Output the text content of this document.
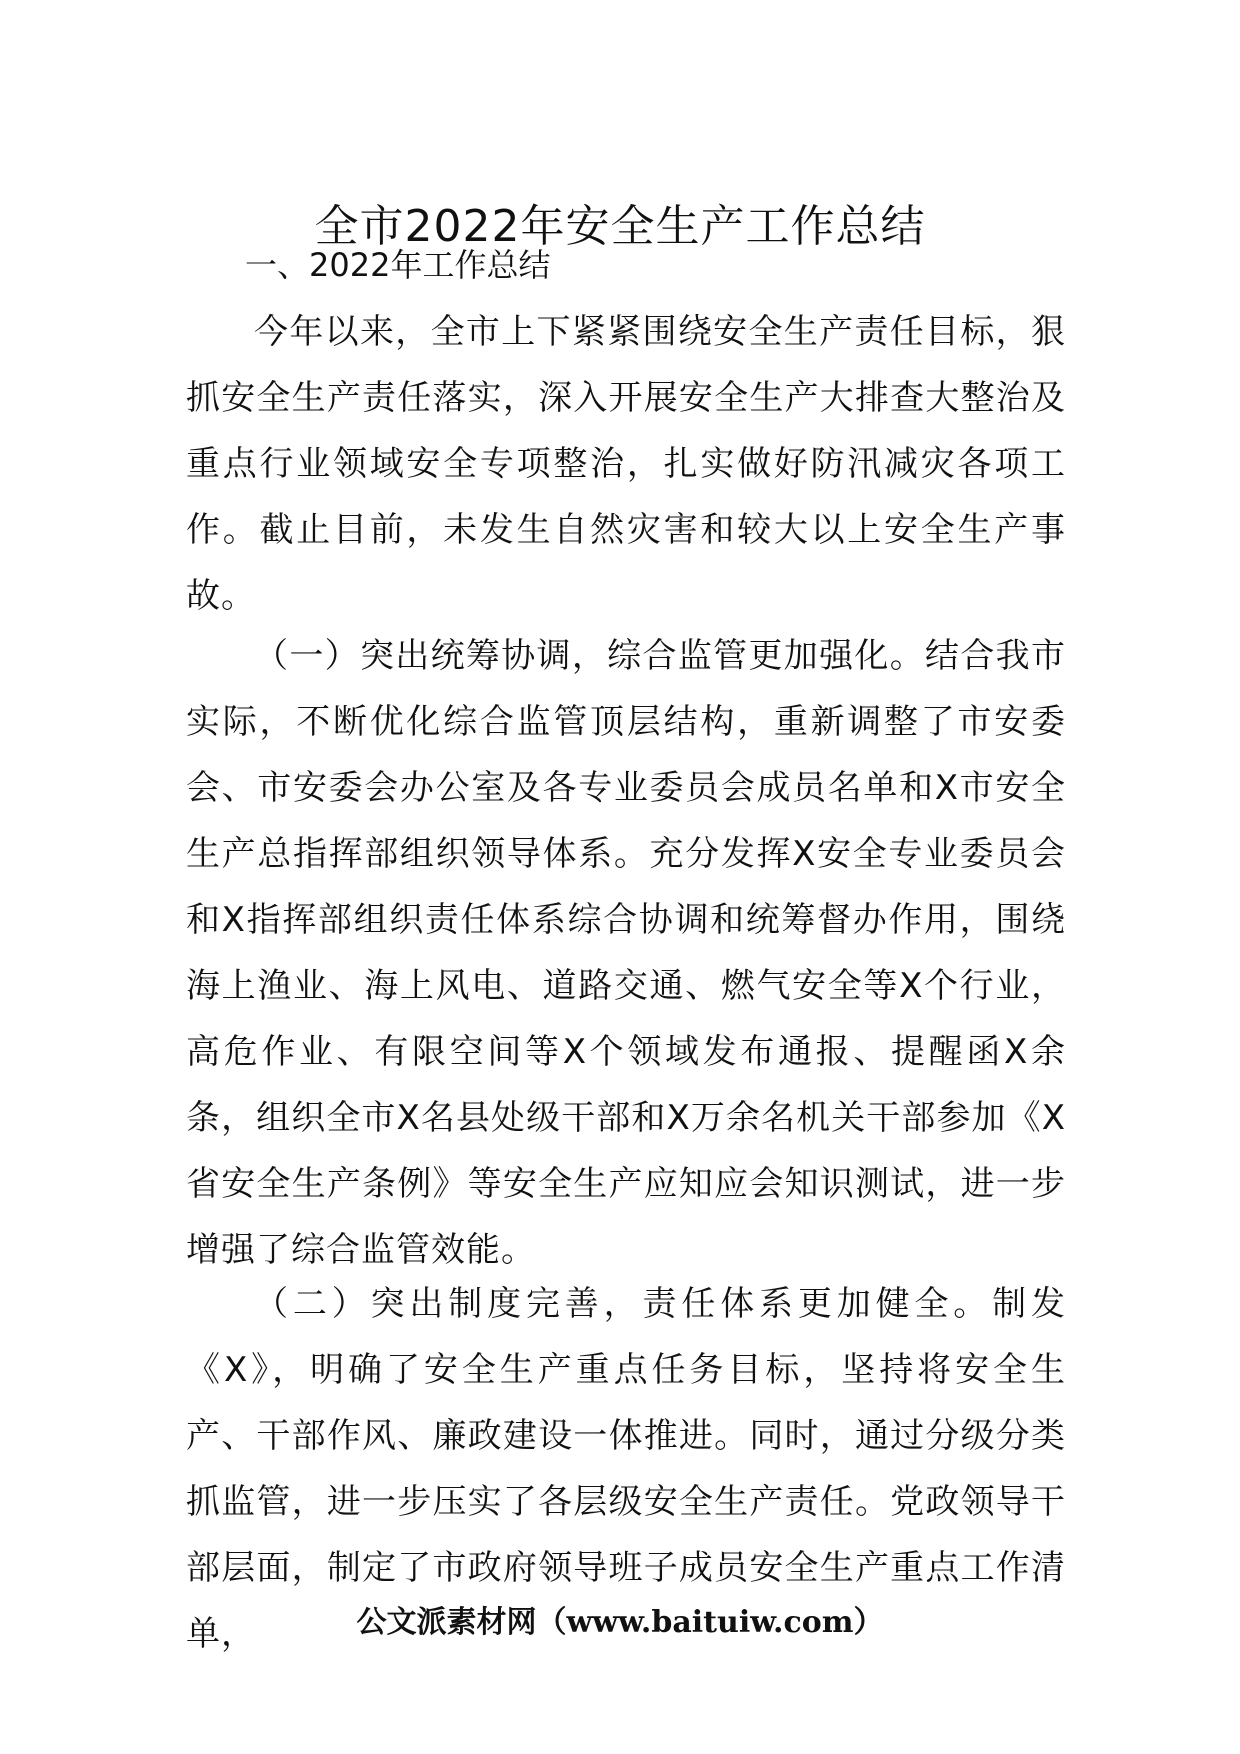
全市2022年安全生产工作总结
一、2022年工作总结

今年以来，全市上下紧紧围绕安全生产责任目标，狠抓安全生产责任落实，深入开展安全生产大排查大整治及重点行业领域安全专项整治，扎实做好防汛减灾各项工作。截止目前，未发生自然灾害和较大以上安全生产事故。

（一）突出统筹协调，综合监管更加强化。结合我市实际，不断优化综合监管顶层结构，重新调整了市安委会、市安委会办公室及各专业委员会成员名单和X市安全生产总指挥部组织领导体系。充分发挥X安全专业委员会和X指挥部组织责任体系综合协调和统筹督办作用，围绕海上渔业、海上风电、道路交通、燃气安全等X个行业，高危作业、有限空间等X个领域发布通报、提醒函X余条，组织全市X名县处级干部和X万余名机关干部参加《X省安全生产条例》等安全生产应知应会知识测试，进一步增强了综合监管效能。

（二）突出制度完善，责任体系更加健全。制发《X》，明确了安全生产重点任务目标，坚持将安全生产、干部作风、廉政建设一体推进。同时，通过分级分类抓监管，进一步压实了各层级安全生产责任。党政领导干部层面，制定了市政府领导班子成员安全生产重点工作清单，	公文派素材网（www.baituiw.com）
